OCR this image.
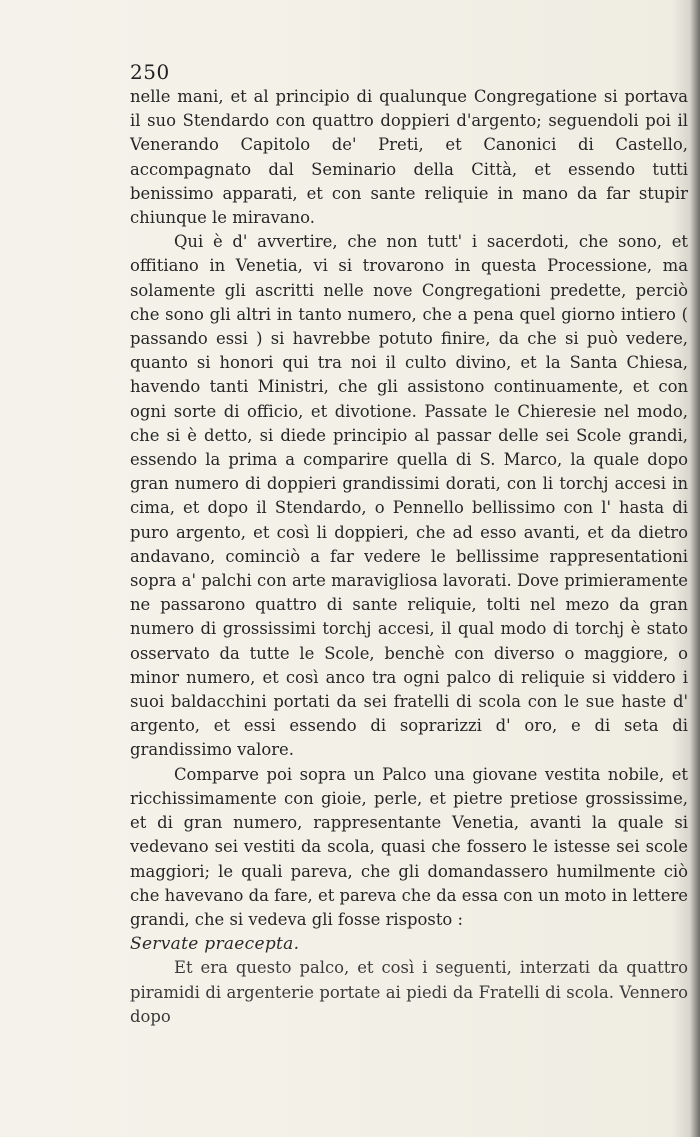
250

nelle mani, et al principio di qualunque Congregatione si portava il suo Stendardo con quattro doppieri d'argento; seguendoli poi il Venerando Capitolo de' Preti, et Canonici di Castello, accompagnato dal Seminario della Città, et essendo tutti benissimo apparati, et con sante reliquie in mano da far stupir chiunque le miravano.

Qui è d' avvertire, che non tutt' i sacerdoti, che sono, et offitiano in Venetia, vi si trovarono in questa Processione, ma solamente gli ascritti nelle nove Congregationi predette, perciò che sono gli altri in tanto numero, che a pena quel giorno intiero ( passando essi ) si havrebbe potuto finire, da che si può vedere, quanto si honori qui tra noi il culto divino, et la Santa Chiesa, havendo tanti Ministri, che gli assistono continuamente, et con ogni sorte di officio, et divotione. Passate le Chieresie nel modo, che si è detto, si diede principio al passar delle sei Scole grandi, essendo la prima a comparire quella di S. Marco, la quale dopo gran numero di doppieri grandissimi dorati, con li torchj accesi in cima, et dopo il Stendardo, o Pennello bellissimo con l' hasta di puro argento, et così li doppieri, che ad esso avanti, et da dietro andavano, cominciò a far vedere le bellissime rappresentationi sopra a' palchi con arte maravigliosa lavorati. Dove primieramente ne passarono quattro di sante reliquie, tolti nel mezo da gran numero di grossissimi torchj accesi, il qual modo di torchj è stato osservato da tutte le Scole, benchè con diverso o maggiore, o minor numero, et così anco tra ogni palco di reliquie si viddero i suoi baldacchini portati da sei fratelli di scola con le sue haste d' argento, et essi essendo di soprarizzi d' oro, e di seta di grandissimo valore.

Comparve poi sopra un Palco una giovane vestita nobile, et ricchissimamente con gioie, perle, et pietre pretiose grossissime, et di gran numero, rappresentante Venetia, avanti la quale si vedevano sei vestiti da scola, quasi che fossero le istesse sei scole maggiori; le quali pareva, che gli domandassero humilmente ciò che havevano da fare, et pareva che da essa con un moto in lettere grandi, che si vedeva gli fosse risposto :

Servate praecepta.

Et era questo palco, et così i seguenti, interzati da quattro piramidi di argenterie portate ai piedi da Fratelli di scola. Vennero dopo
